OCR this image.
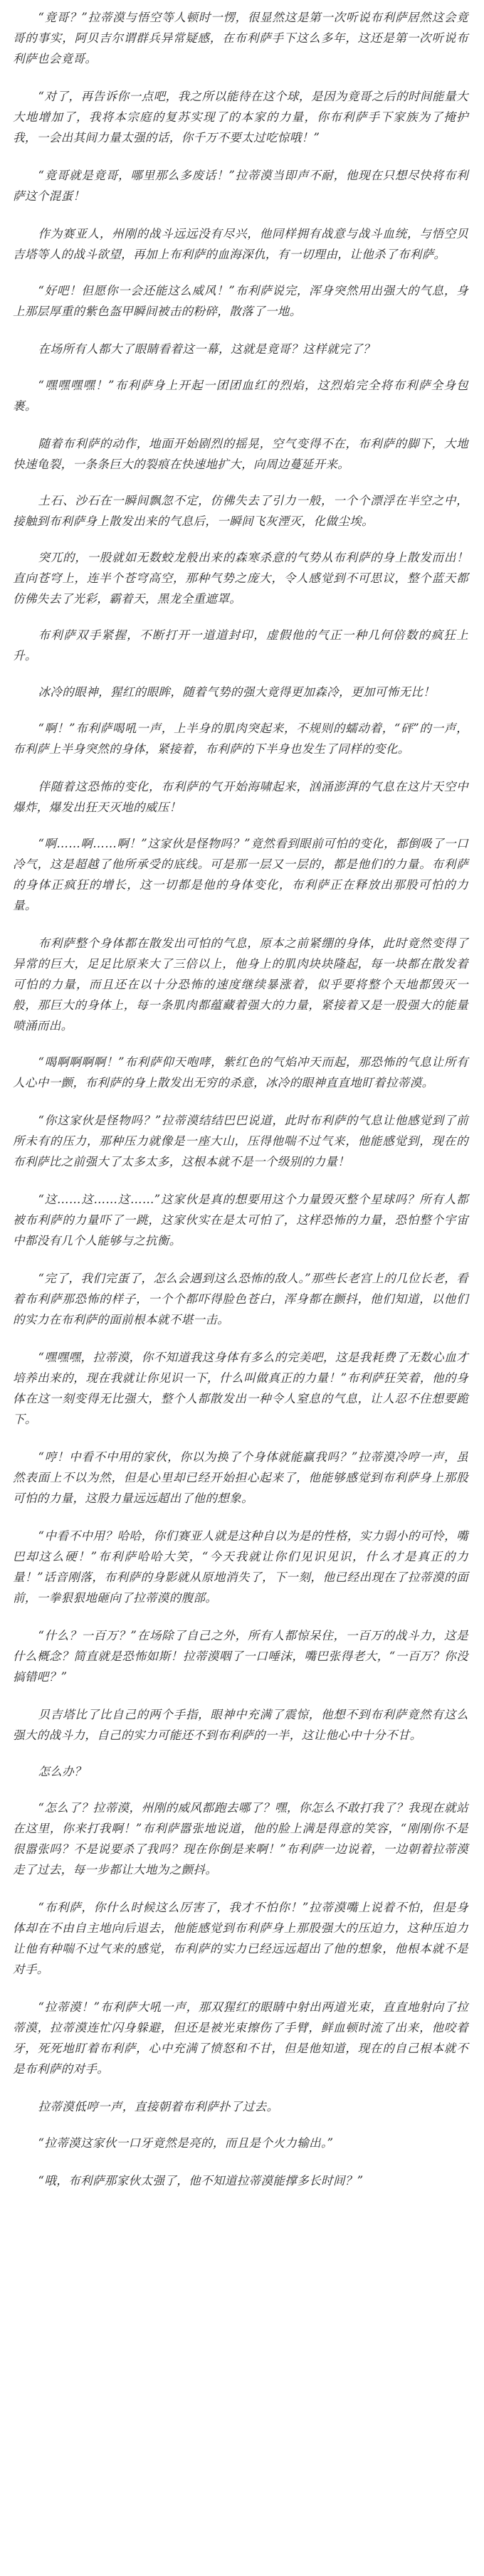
“竟哥？”拉蒂漠与悟空等人顿时一愣，很显然这是第一次听说布利萨居然这会竟哥的事实，阿贝吉尔谓群兵异常疑感，在布利萨手下这么多年，这还是第一次听说布利萨也会竟哥。

“对了，再告诉你一点吧，我之所以能待在这个球，是因为竟哥之后的时间能量大大地增加了，我将本宗庭的复苏实现了的本家的力量，你布利萨手下家族为了掩护我，一会出其间力量太强的话，你千万不要太过吃惊哦！”

“竟哥就是竟哥，哪里那么多废话！”拉蒂漠当即声不耐，他现在只想尽快将布利萨这个混蛋！

作为赛亚人，州刚的战斗远远没有尽兴，他同样拥有战意与战斗血统，与悟空贝吉塔等人的战斗欲望，再加上布利萨的血海深仇，有一切理由，让他杀了布利萨。

“好吧！但愿你一会还能这么威风！”布利萨说完，浑身突然用出强大的气息，身上那层厚重的紫色盔甲瞬间被击的粉碎，散落了一地。

在场所有人都大了眼睛看着这一幕，这就是竟哥？这样就完了？

“嘿嘿嘿嘿！”布利萨身上开起一团团血红的烈焰，这烈焰完全将布利萨全身包裹。

随着布利萨的动作，地面开始剧烈的摇晃，空气变得不在，布利萨的脚下，大地快速龟裂，一条条巨大的裂痕在快速地扩大，向周边蔓延开来。

土石、沙石在一瞬间飘忽不定，仿佛失去了引力一般，一个个漂浮在半空之中，接触到布利萨身上散发出来的气息后，一瞬间飞灰湮灭，化做尘埃。

突兀的，一股就如无数蛟龙般出来的森寒杀意的气势从布利萨的身上散发而出！直向苍穹上，连半个苍穹高空，那种气势之庞大，令人感觉到不可思议，整个蓝天都仿佛失去了光彩，霸着天，黑龙全重遮罩。

布利萨双手紧握，不断打开一道道封印，虚假他的气正一种几何倍数的疯狂上升。

冰冷的眼神，猩红的眼眸，随着气势的强大竟得更加森冷，更加可怖无比！

“啊！”布利萨喝吼一声，上半身的肌肉突起来，不规则的蠕动着，“砰”的一声，布利萨上半身突然的身体，紧接着，布利萨的下半身也发生了同样的变化。

伴随着这恐怖的变化，布利萨的气开始海啸起来，汹涌澎湃的气息在这片天空中爆炸，爆发出狂天灭地的威压！

“啊……啊……啊！”这家伙是怪物吗？”竟然看到眼前可怕的变化，都倒吸了一口冷气，这是超越了他所承受的底线。可是那一层又一层的，都是他们的力量。布利萨的身体正疯狂的增长，这一切都是他的身体变化，布利萨正在释放出那股可怕的力量。

布利萨整个身体都在散发出可怕的气息，原本之前紧绷的身体，此时竟然变得了异常的巨大，足足比原来大了三倍以上，他身上的肌肉块块隆起，每一块都在散发着可怕的力量，而且还在以十分恐怖的速度继续暴涨着，似乎要将整个天地都毁灭一般，那巨大的身体上，每一条肌肉都蕴藏着强大的力量，紧接着又是一股强大的能量喷涌而出。

“喝啊啊啊啊！”布利萨仰天咆哮，紫红色的气焰冲天而起，那恐怖的气息让所有人心中一颤，布利萨的身上散发出无穷的杀意，冰冷的眼神直直地盯着拉蒂漠。

“你这家伙是怪物吗？”拉蒂漠结结巴巴说道，此时布利萨的气息让他感觉到了前所未有的压力，那种压力就像是一座大山，压得他喘不过气来，他能感觉到，现在的布利萨比之前强大了太多太多，这根本就不是一个级别的力量！

“这……这……这……”这家伙是真的想要用这个力量毁灭整个星球吗？所有人都被布利萨的力量吓了一跳，这家伙实在是太可怕了，这样恐怖的力量，恐怕整个宇宙中都没有几个人能够与之抗衡。

“完了，我们完蛋了，怎么会遇到这么恐怖的敌人。”那些长老宫上的几位长老，看着布利萨那恐怖的样子，一个个都吓得脸色苍白，浑身都在颤抖，他们知道，以他们的实力在布利萨的面前根本就不堪一击。

“嘿嘿嘿，拉蒂漠，你不知道我这身体有多么的完美吧，这是我耗费了无数心血才培养出来的，现在我就让你见识一下，什么叫做真正的力量！”布利萨狂笑着，他的身体在这一刻变得无比强大，整个人都散发出一种令人窒息的气息，让人忍不住想要跪下。

“哼！中看不中用的家伙，你以为换了个身体就能赢我吗？”拉蒂漠冷哼一声，虽然表面上不以为然，但是心里却已经开始担心起来了，他能够感觉到布利萨身上那股可怕的力量，这股力量远远超出了他的想象。

“中看不中用？哈哈，你们赛亚人就是这种自以为是的性格，实力弱小的可怜，嘴巴却这么硬！”布利萨哈哈大笑，“今天我就让你们见识见识，什么才是真正的力量！”话音刚落，布利萨的身影就从原地消失了，下一刻，他已经出现在了拉蒂漠的面前，一拳狠狠地砸向了拉蒂漠的腹部。

“什么？一百万？”在场除了自己之外，所有人都惊呆住，一百万的战斗力，这是什么概念？简直就是恐怖如斯！拉蒂漠咽了一口唾沫，嘴巴张得老大，“一百万？你没搞错吧？”

贝吉塔比了比自己的两个手指，眼神中充满了震惊，他想不到布利萨竟然有这么强大的战斗力，自己的实力可能还不到布利萨的一半，这让他心中十分不甘。

怎么办？

“怎么了？拉蒂漠，州刚的威风都跑去哪了？嘿，你怎么不敢打我了？我现在就站在这里，你来打我啊！”布利萨嚣张地说道，他的脸上满是得意的笑容，“刚刚你不是很嚣张吗？不是说要杀了我吗？现在你倒是来啊！”布利萨一边说着，一边朝着拉蒂漠走了过去，每一步都让大地为之颤抖。

“布利萨，你什么时候这么厉害了，我才不怕你！”拉蒂漠嘴上说着不怕，但是身体却在不由自主地向后退去，他能感觉到布利萨身上那股强大的压迫力，这种压迫力让他有种喘不过气来的感觉，布利萨的实力已经远远超出了他的想象，他根本就不是对手。

“拉蒂漠！”布利萨大吼一声，那双猩红的眼睛中射出两道光束，直直地射向了拉蒂漠，拉蒂漠连忙闪身躲避，但还是被光束擦伤了手臂，鲜血顿时流了出来，他咬着牙，死死地盯着布利萨，心中充满了愤怒和不甘，但是他知道，现在的自己根本就不是布利萨的对手。

拉蒂漠低哼一声，直接朝着布利萨扑了过去。

“拉蒂漠这家伙一口牙竟然是亮的，而且是个火力输出。”

“哦，布利萨那家伙太强了，他不知道拉蒂漠能撑多长时间？”
